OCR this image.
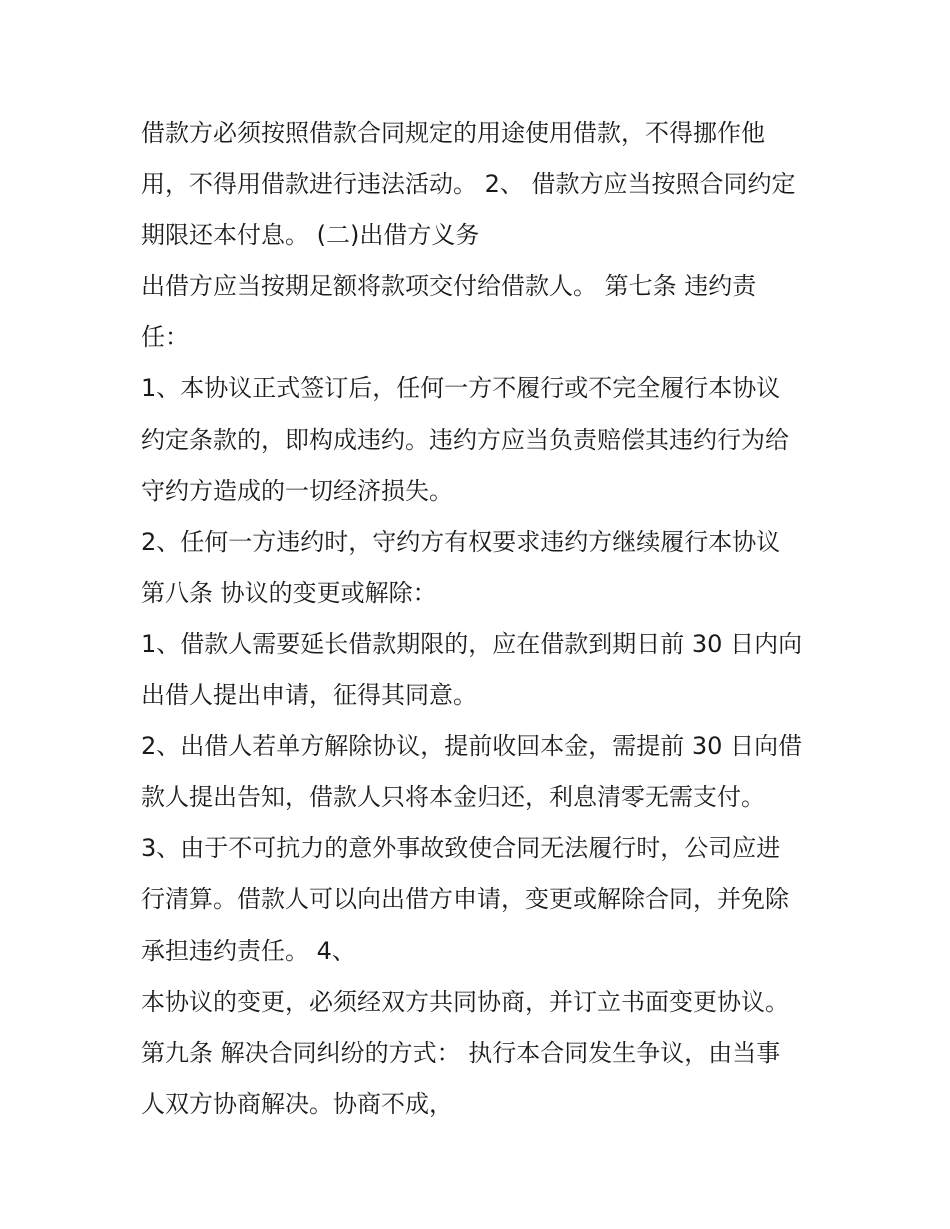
借款方必须按照借款合同规定的用途使用借款，不得挪作他
用，不得用借款进行违法活动。 2、 借款方应当按照合同约定
期限还本付息。 (二)出借方义务
出借方应当按期足额将款项交付给借款人。 第七条 违约责
任：
1、本协议正式签订后，任何一方不履行或不完全履行本协议
约定条款的，即构成违约。违约方应当负责赔偿其违约行为给
守约方造成的一切经济损失。
2、任何一方违约时，守约方有权要求违约方继续履行本协议
第八条 协议的变更或解除：
1、借款人需要延长借款期限的，应在借款到期日前 30 日内向
出借人提出申请，征得其同意。
2、出借人若单方解除协议，提前收回本金，需提前 30 日向借
款人提出告知，借款人只将本金归还，利息清零无需支付。
3、由于不可抗力的意外事故致使合同无法履行时，公司应进
行清算。借款人可以向出借方申请，变更或解除合同，并免除
承担违约责任。 4、
本协议的变更，必须经双方共同协商，并订立书面变更协议。
第九条 解决合同纠纷的方式： 执行本合同发生争议，由当事
人双方协商解决。协商不成，
